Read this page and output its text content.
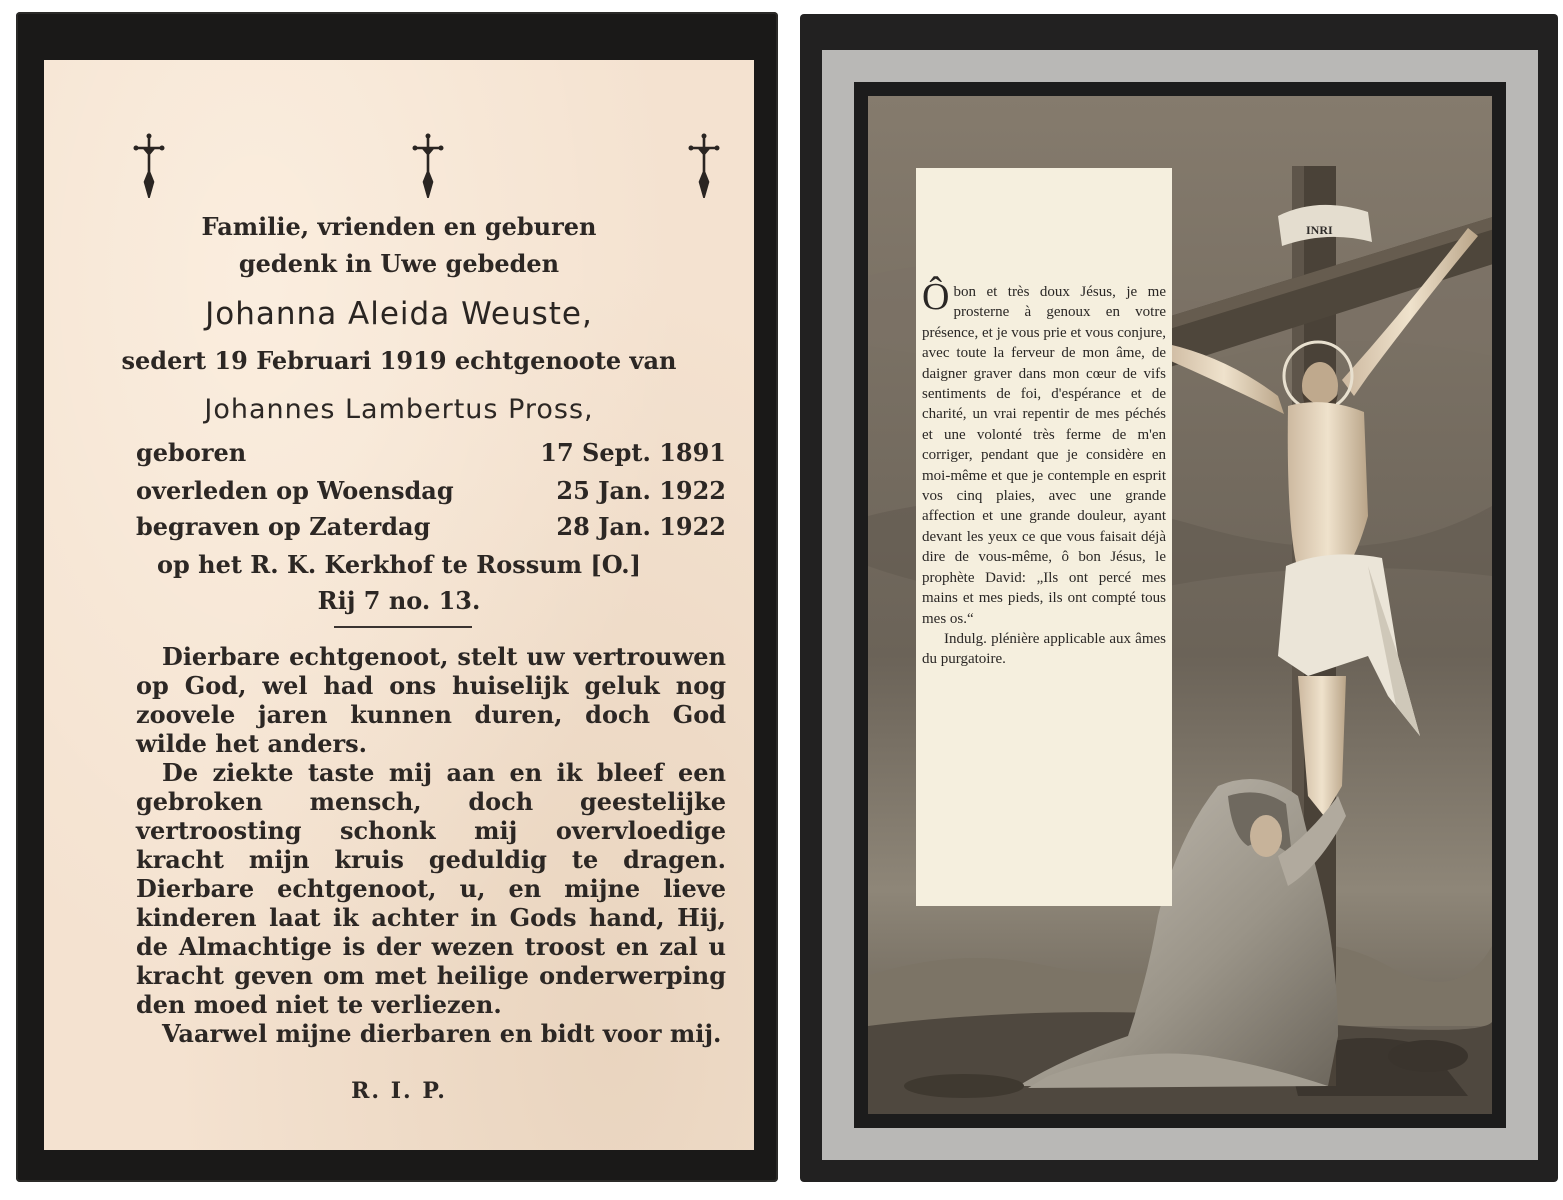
Familie, vrienden en geburen
gedenk in Uwe gebeden
Johanna Aleida Weuste,
sedert 19 Februari 1919 echtgenoote van
Johannes Lambertus Pross,
geboren	17 Sept. 1891
overleden op Woensdag	25 Jan. 1922
begraven op Zaterdag	28 Jan. 1922
op het R. K. Kerkhof te Rossum [O.]
Rij 7 no. 13.

Dierbare echtgenoot, stelt uw vertrouwen op God, wel had ons huiselijk geluk nog zoovele jaren kunnen duren, doch God wilde het anders.

De ziekte taste mij aan en ik bleef een gebroken mensch, doch geestelijke vertroosting schonk mij overvloedige kracht mijn kruis geduldig te dragen. Dierbare echtgenoot, u, en mijne lieve kinderen laat ik achter in Gods hand, Hij, de Almachtige is der wezen troost en zal u kracht geven om met heilige onderwerping den moed niet te verliezen.

Vaarwel mijne dierbaren en bidt voor mij.

R. I. P.
INRI

Ôbon et très doux Jésus, je me prosterne à genoux en votre présence, et je vous prie et vous conjure, avec toute la ferveur de mon âme, de daigner graver dans mon cœur de vifs sentiments de foi, d'espérance et de charité, un vrai repentir de mes péchés et une volonté très ferme de m'en corriger, pendant que je considère en moi-même et que je contemple en esprit vos cinq plaies, avec une grande affection et une grande douleur, ayant devant les yeux ce que vous faisait déjà dire de vous-même, ô bon Jésus, le prophète David: „Ils ont percé mes mains et mes pieds, ils ont compté tous mes os.“

Indulg. plénière applicable aux âmes du purgatoire.
